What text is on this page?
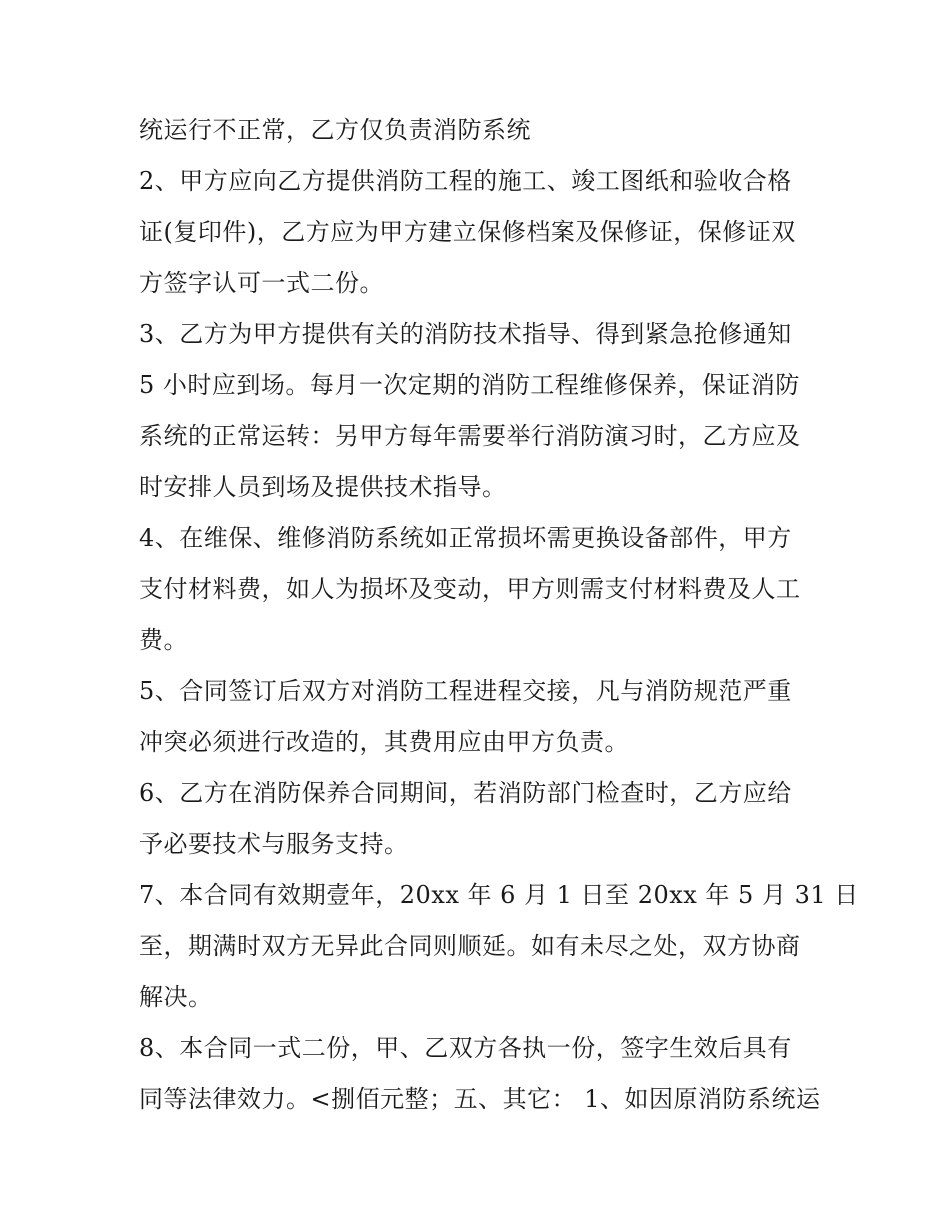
统运行不正常，乙方仅负责消防系统
2、甲方应向乙方提供消防工程的施工、竣工图纸和验收合格
证(复印件)，乙方应为甲方建立保修档案及保修证，保修证双
方签字认可一式二份。
3、乙方为甲方提供有关的消防技术指导、得到紧急抢修通知
5 小时应到场。每月一次定期的消防工程维修保养，保证消防
系统的正常运转：另甲方每年需要举行消防演习时，乙方应及
时安排人员到场及提供技术指导。
4、在维保、维修消防系统如正常损坏需更换设备部件，甲方
支付材料费，如人为损坏及变动，甲方则需支付材料费及人工
费。
5、合同签订后双方对消防工程进程交接，凡与消防规范严重
冲突必须进行改造的，其费用应由甲方负责。
6、乙方在消防保养合同期间，若消防部门检查时，乙方应给
予必要技术与服务支持。
7、本合同有效期壹年，20xx 年 6 月 1 日至 20xx 年 5 月 31 日
至，期满时双方无异此合同则顺延。如有未尽之处，双方协商
解决。
8、本合同一式二份，甲、乙双方各执一份，签字生效后具有
同等法律效力。<捌佰元整；五、其它： 1、如因原消防系统运
